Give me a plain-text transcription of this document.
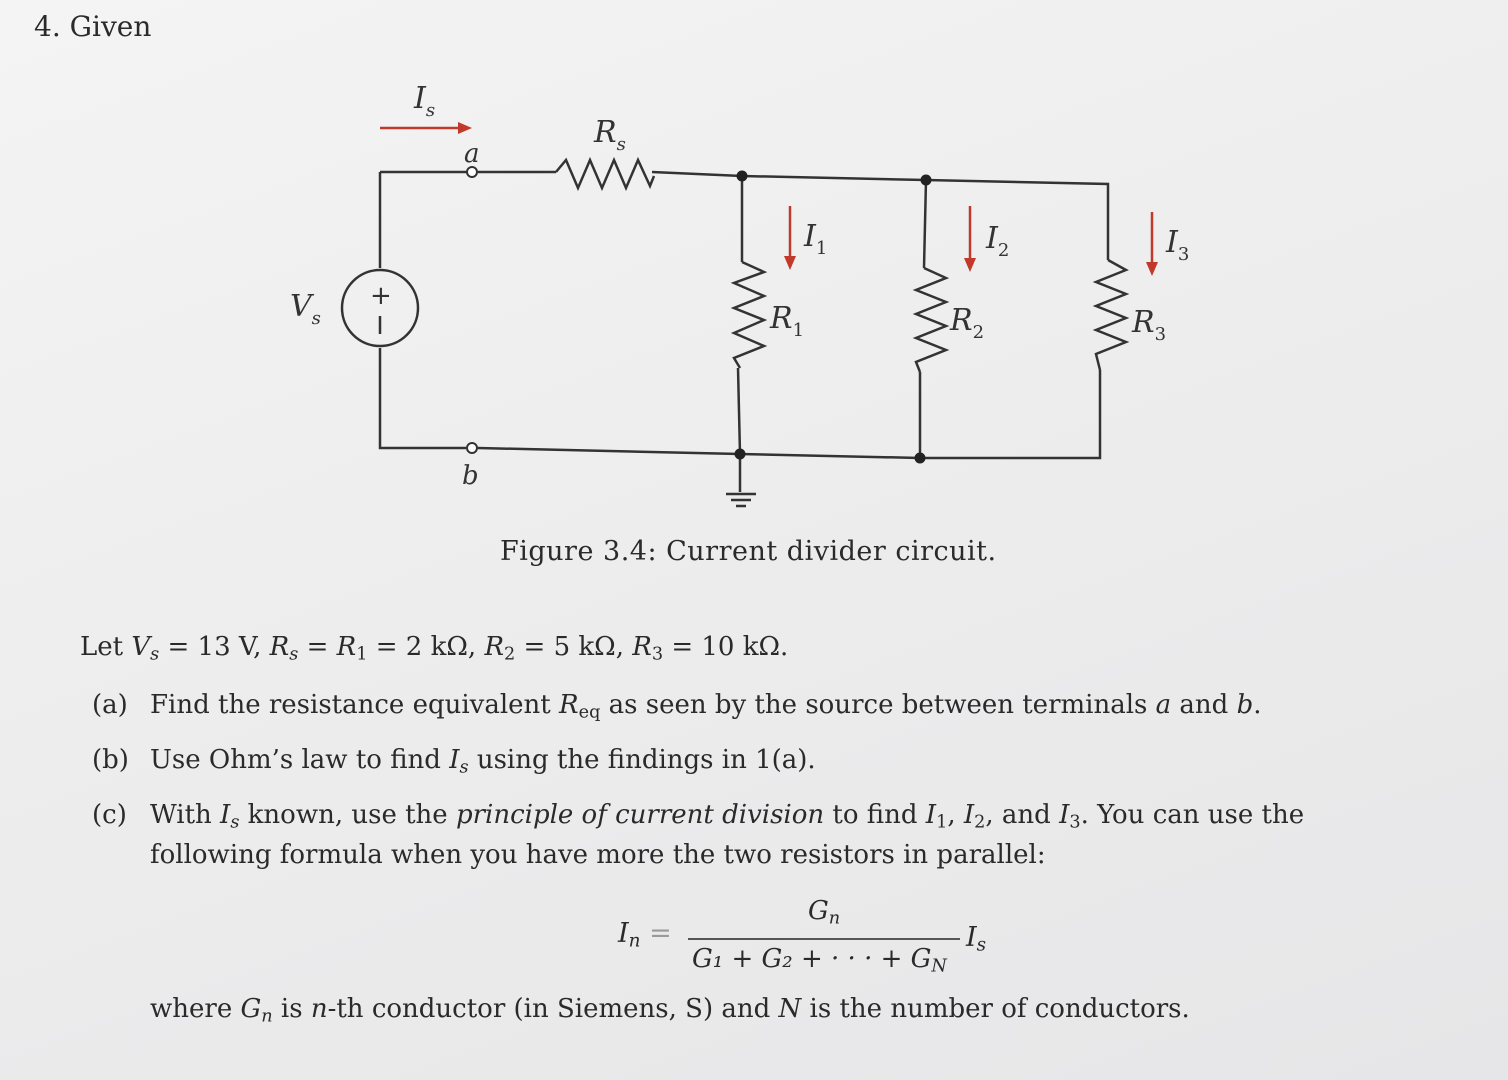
4. Given
+
$I_s$
$R_s$
a
b
$V_s$
$I_1$	$I_2$	$I_3$
$R_1$	$R_2$	$R_3$
Figure 3.4: Current divider circuit.
Let Vs = 13 V, $Rs = R_1 = 2$ kΩ, $R_2 = 5$ kΩ, $R_3 = 10$ kΩ.
(a) Find the resistance equivalent $R_{eq}$ as seen by the source between terminals a and b.
(b) Use Ohm’s law to find Is using the findings in 1(a).
(c) With Is known, use the principle of current division to find $I_1$, $I_2$, and $I_3$. You can use the
following formula when you have more the two resistors in parallel:
In =
Gn
G₁ + G₂ + · · · + GN
Is
where Gn is n-th conductor (in Siemens, S) and N is the number of conductors.
